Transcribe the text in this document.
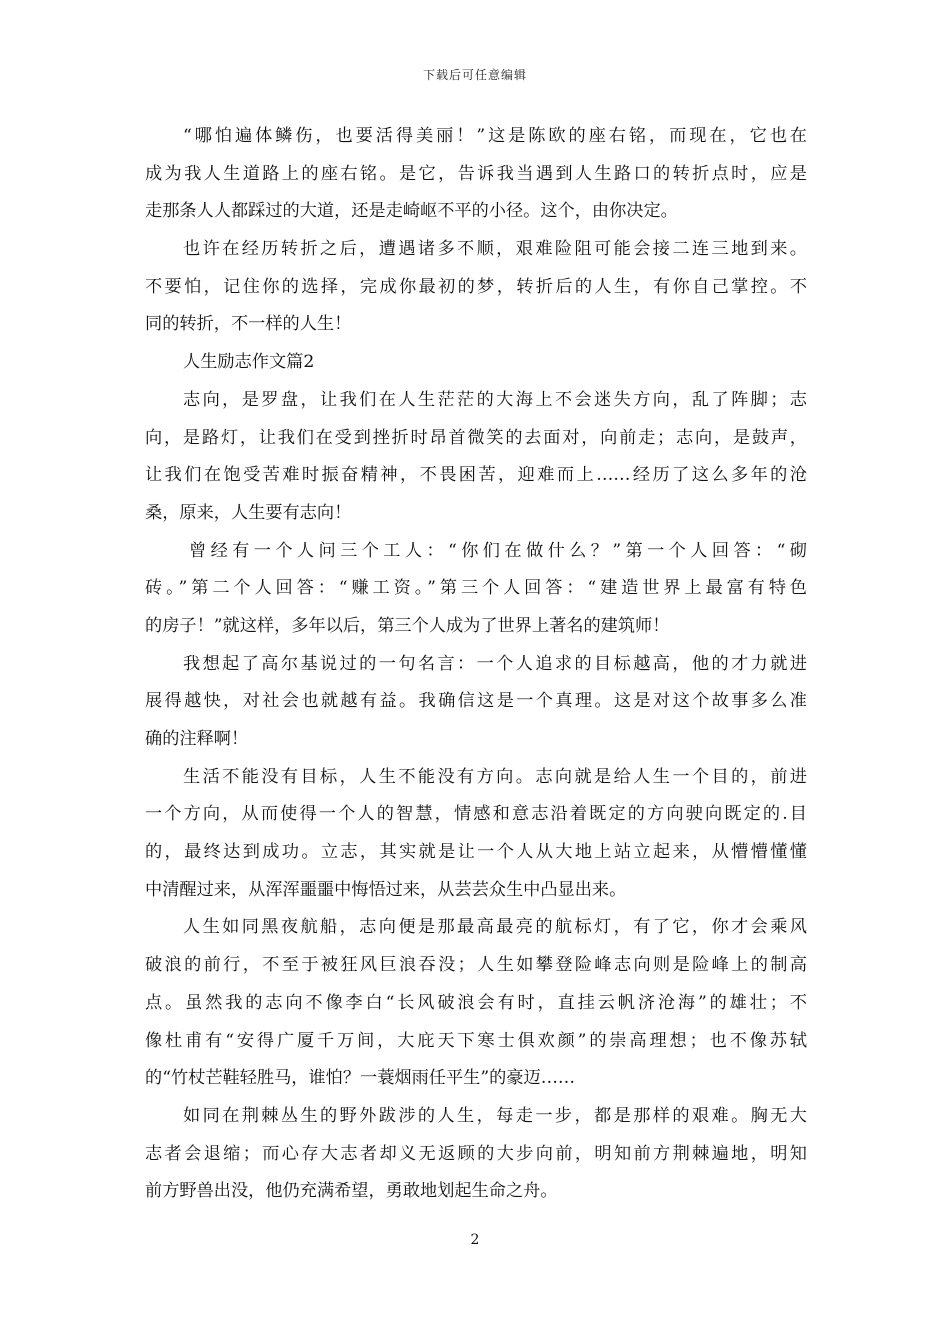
下载后可任意编辑
“哪怕遍体鳞伤，也要活得美丽！”这是陈欧的座右铭，而现在，它也在
成为我人生道路上的座右铭。是它，告诉我当遇到人生路口的转折点时，应是
走那条人人都踩过的大道，还是走崎岖不平的小径。这个，由你决定。
也许在经历转折之后，遭遇诸多不顺，艰难险阻可能会接二连三地到来。
不要怕，记住你的选择，完成你最初的梦，转折后的人生，有你自己掌控。不
同的转折，不一样的人生！
人生励志作文篇2
志向，是罗盘，让我们在人生茫茫的大海上不会迷失方向，乱了阵脚；志
向，是路灯，让我们在受到挫折时昂首微笑的去面对，向前走；志向，是鼓声，
让我们在饱受苦难时振奋精神，不畏困苦，迎难而上……经历了这么多年的沧
桑，原来，人生要有志向！
曾经有一个人问三个工人：“你们在做什么？”第一个人回答：“砌
砖。”第二个人回答：“赚工资。”第三个人回答：“建造世界上最富有特色
的房子！”就这样，多年以后，第三个人成为了世界上著名的建筑师！
我想起了高尔基说过的一句名言：一个人追求的目标越高，他的才力就进
展得越快，对社会也就越有益。我确信这是一个真理。这是对这个故事多么准
确的注释啊！
生活不能没有目标，人生不能没有方向。志向就是给人生一个目的，前进
一个方向，从而使得一个人的智慧，情感和意志沿着既定的方向驶向既定的.目
的，最终达到成功。立志，其实就是让一个人从大地上站立起来，从懵懵懂懂
中清醒过来，从浑浑噩噩中悔悟过来，从芸芸众生中凸显出来。
人生如同黑夜航船，志向便是那最高最亮的航标灯，有了它，你才会乘风
破浪的前行，不至于被狂风巨浪吞没；人生如攀登险峰志向则是险峰上的制高
点。虽然我的志向不像李白“长风破浪会有时，直挂云帆济沧海”的雄壮；不
像杜甫有“安得广厦千万间，大庇天下寒士俱欢颜”的崇高理想；也不像苏轼
的“竹杖芒鞋轻胜马，谁怕？一蓑烟雨任平生”的豪迈……
如同在荆棘丛生的野外跋涉的人生，每走一步，都是那样的艰难。胸无大
志者会退缩；而心存大志者却义无返顾的大步向前，明知前方荆棘遍地，明知
前方野兽出没，他仍充满希望，勇敢地划起生命之舟。
2
